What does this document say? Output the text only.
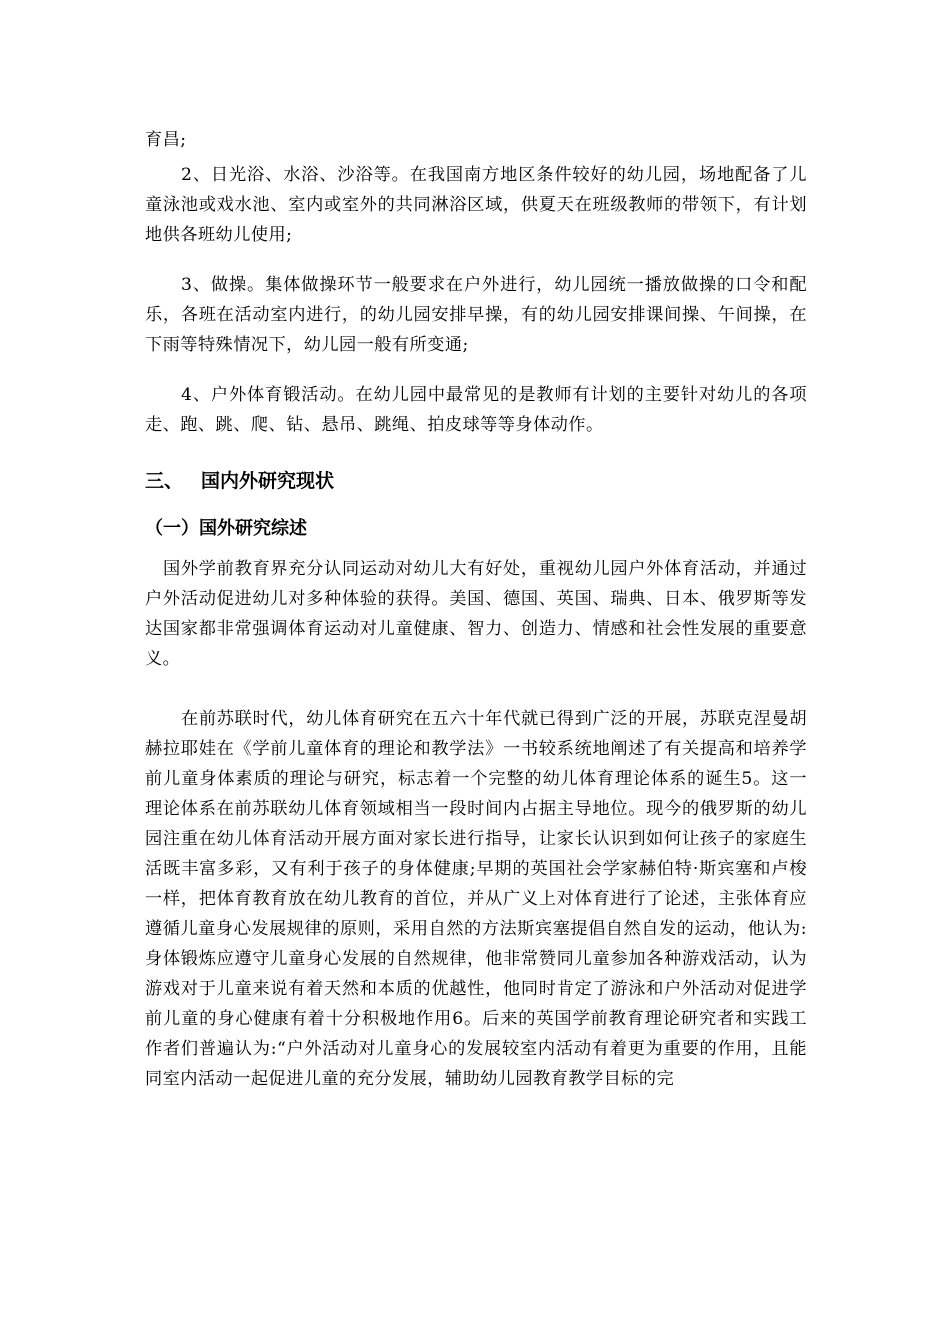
育昌;

2、日光浴、水浴、沙浴等。在我国南方地区条件较好的幼儿园，场地配备了儿童泳池或戏水池、室内或室外的共同淋浴区域，供夏天在班级教师的带领下，有计划地供各班幼儿使用;

3、做操。集体做操环节一般要求在户外进行，幼儿园统一播放做操的口令和配乐，各班在活动室内进行，的幼儿园安排早操，有的幼儿园安排课间操、午间操，在下雨等特殊情况下，幼儿园一般有所变通;

4、户外体育锻活动。在幼儿园中最常见的是教师有计划的主要针对幼儿的各项走、跑、跳、爬、钻、悬吊、跳绳、拍皮球等等身体动作。

三、 国内外研究现状
（一）国外研究综述

国外学前教育界充分认同运动对幼儿大有好处，重视幼儿园户外体育活动，并通过户外活动促进幼儿对多种体验的获得。美国、德国、英国、瑞典、日本、俄罗斯等发达国家都非常强调体育运动对儿童健康、智力、创造力、情感和社会性发展的重要意义。

在前苏联时代，幼儿体育研究在五六十年代就已得到广泛的开展，苏联克涅曼胡赫拉耶娃在《学前儿童体育的理论和教学法》一书较系统地阐述了有关提高和培养学前儿童身体素质的理论与研究，标志着一个完整的幼儿体育理论体系的诞生5。这一理论体系在前苏联幼儿体育领域相当一段时间内占据主导地位。现今的俄罗斯的幼儿园注重在幼儿体育活动开展方面对家长进行指导，让家长认识到如何让孩子的家庭生活既丰富多彩，又有利于孩子的身体健康;早期的英国社会学家赫伯特·斯宾塞和卢梭一样，把体育教育放在幼儿教育的首位，并从广义上对体育进行了论述，主张体育应遵循儿童身心发展规律的原则，采用自然的方法斯宾塞提倡自然自发的运动，他认为:身体锻炼应遵守儿童身心发展的自然规律，他非常赞同儿童参加各种游戏活动，认为游戏对于儿童来说有着天然和本质的优越性，他同时肯定了游泳和户外活动对促进学前儿童的身心健康有着十分积极地作用6。后来的英国学前教育理论研究者和实践工作者们普遍认为:“户外活动对儿童身心的发展较室内活动有着更为重要的作用，且能同室内活动一起促进儿童的充分发展，辅助幼儿园教育教学目标的完
